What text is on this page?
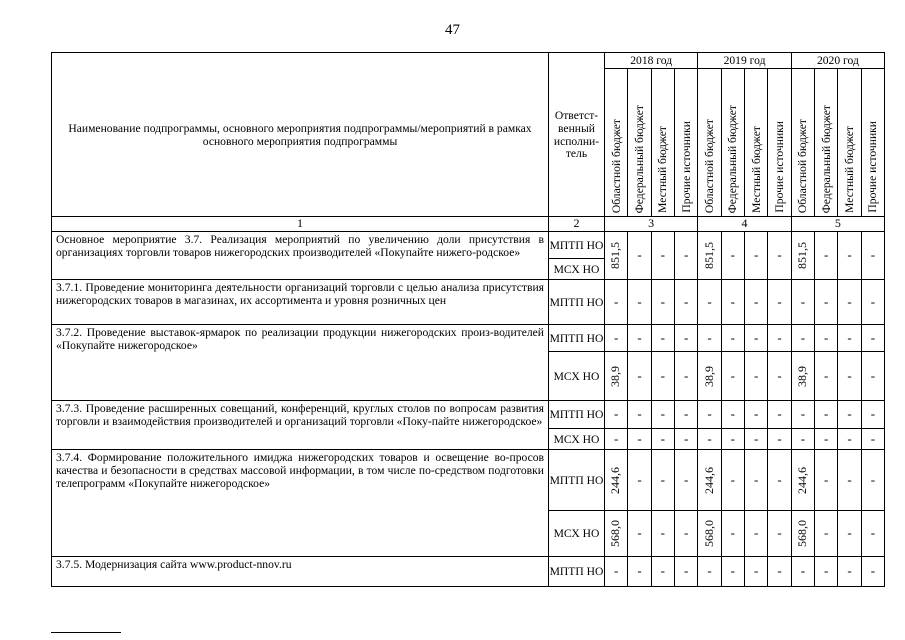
47
Наименование подпрограммы, основного мероприятия подпрограммы/мероприятий в рамках основного мероприятия подпрограммы	Ответст-
венный
исполни-
тель	2018 год				2019 год				2020 год			

		Областной бюджет	Федеральный бюджет	Местный бюджет	Прочие источники	Областной бюджет	Федеральный бюджет	Местный бюджет	Прочие источники	Областной бюджет	Федеральный бюджет	Местный бюджет	Прочие источники

1	2	3				4				5			
Основное мероприятие 3.7. Реализация мероприятий по увеличению доли присутствия в организациях торговли товаров нижегородских производителей «Покупайте нижего-родское»	МПТП НО	851,5	-	-	-	851,5	-	-	-	851,5	-	-	-
	МСХ НО												
3.7.1. Проведение мониторинга деятельности организаций торговли с целью анализа присутствия нижегородских товаров в магазинах, их ассортимента и уровня розничных цен	МПТП НО	-	-	-	-	-	-	-	-	-	-	-	-
3.7.2. Проведение выставок-ярмарок по реализации продукции нижегородских произ-водителей «Покупайте нижегородское»	МПТП НО	-	-	-	-	-	-	-	-	-	-	-	-
	МСХ НО	38,9	-	-	-	38,9	-	-	-	38,9	-	-	-
3.7.3. Проведение расширенных совещаний, конференций, круглых столов по вопросам развития торговли и взаимодействия производителей и организаций торговли «Поку-пайте нижегородское»	МПТП НО	-	-	-	-	-	-	-	-	-	-	-	-
	МСХ НО	-	-	-	-	-	-	-	-	-	-	-	-
3.7.4. Формирование положительного имиджа нижегородских товаров и освещение во-просов качества и безопасности в средствах массовой информации, в том числе по-средством подготовки телепрограмм «Покупайте нижегородское»	МПТП НО	244,6	-	-	-	244,6	-	-	-	244,6	-	-	-
	МСХ НО	568,0	-	-	-	568,0	-	-	-	568,0	-	-	-
3.7.5. Модернизация сайта www.product-nnov.ru	МПТП НО	-	-	-	-	-	-	-	-	-	-	-	-
